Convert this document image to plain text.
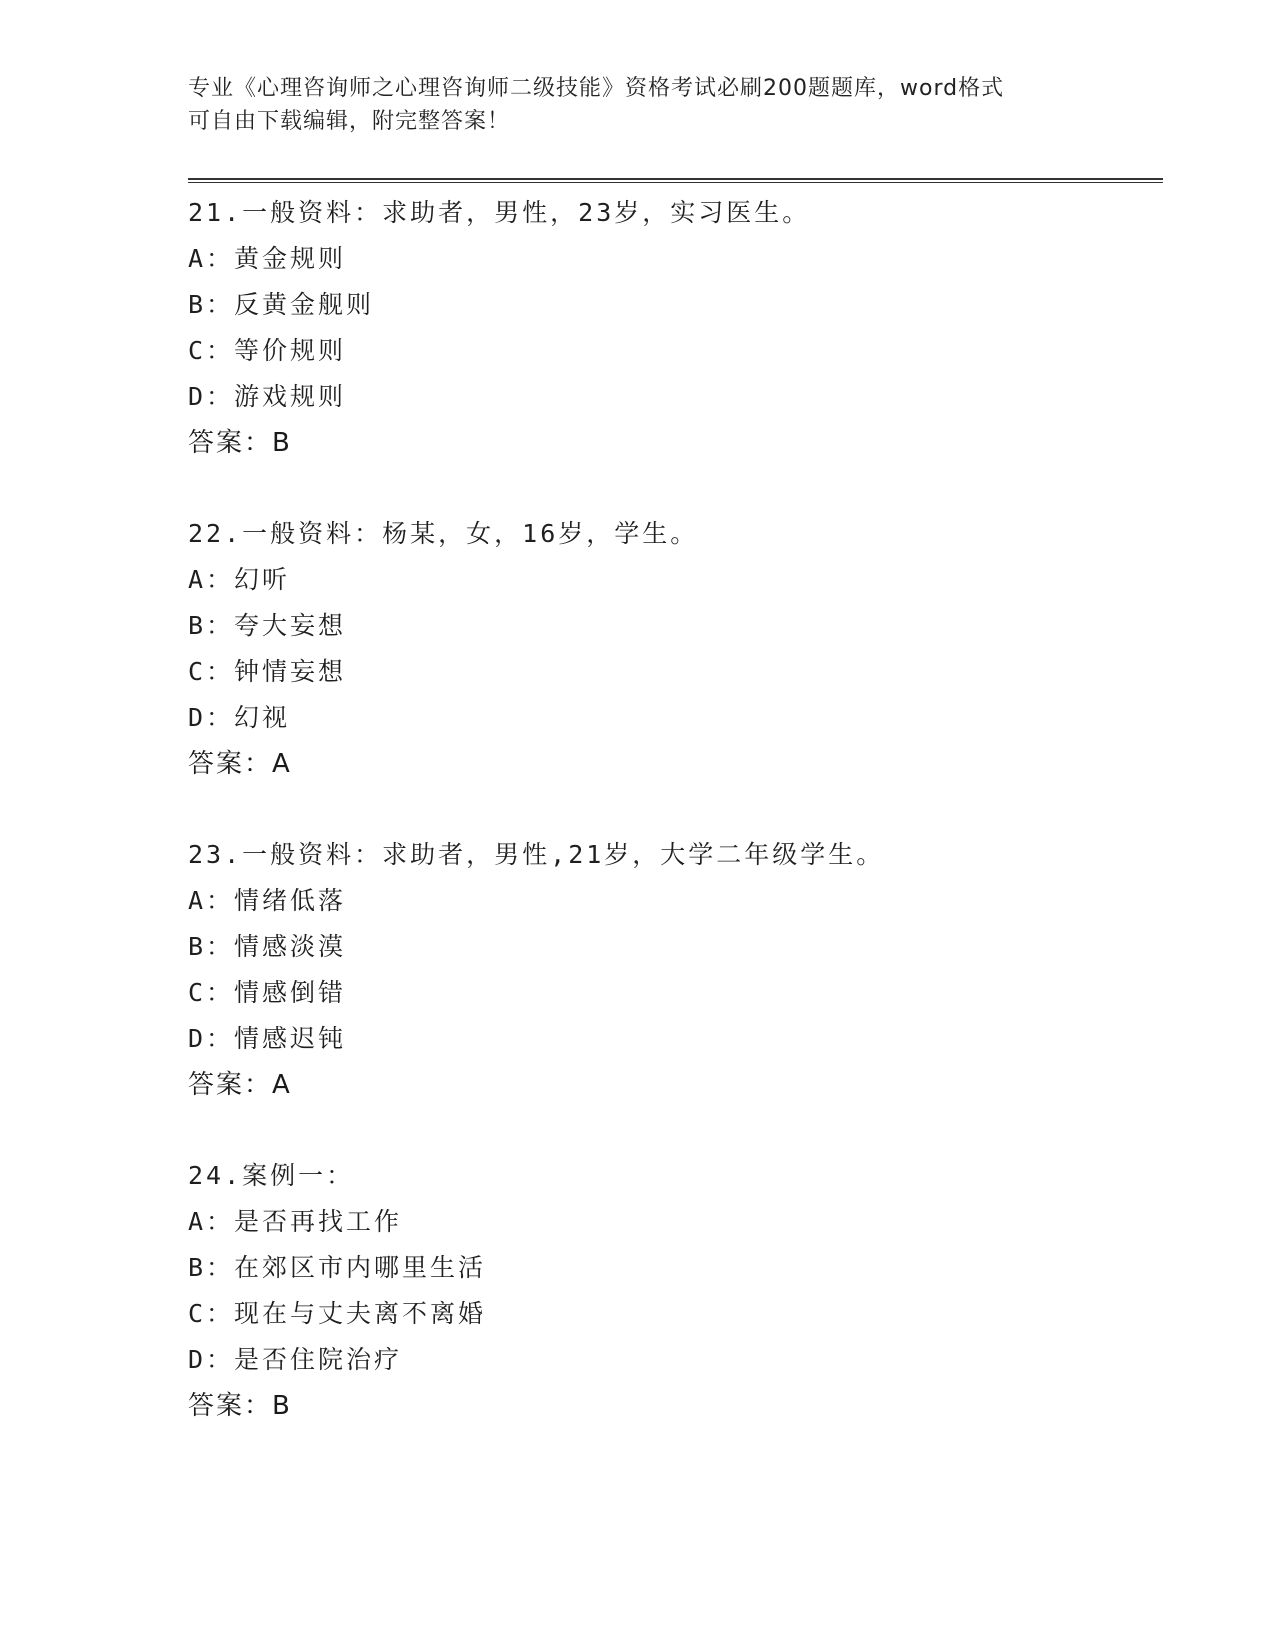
专业《心理咨询师之心理咨询师二级技能》资格考试必刷200题题库，word格式
可自由下载编辑，附完整答案！
21.一般资料：求助者，男性，23岁，实习医生。
A：黄金规则
B：反黄金舰则
C：等价规则
D：游戏规则
答案：B
22.一般资料：杨某，女，16岁，学生。
A：幻听
B：夸大妄想
C：钟情妄想
D：幻视
答案：A
23.一般资料：求助者，男性,21岁，大学二年级学生。
A：情绪低落
B：情感淡漠
C：情感倒错
D：情感迟钝
答案：A
24.案例一：
A：是否再找工作
B：在郊区市内哪里生活
C：现在与丈夫离不离婚
D：是否住院治疗
答案：B
